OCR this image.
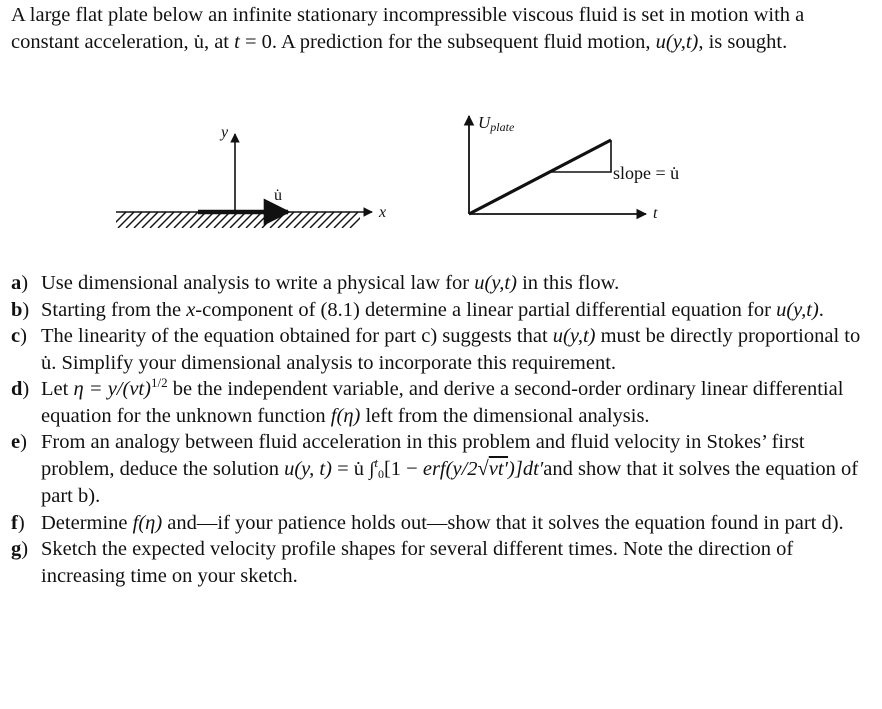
A large flat plate below an infinite stationary incompressible viscous fluid is set in motion with a constant acceleration, u̇, at t = 0. A prediction for the subsequent fluid motion, u(y,t), is sought.

y

u̇

x

Uplate

slope = u̇

t

a) Use dimensional analysis to write a physical law for u(y,t) in this flow.
b) Starting from the x-component of (8.1) determine a linear partial differential equation for u(y,t).
c) The linearity of the equation obtained for part c) suggests that u(y,t) must be directly proportional to u̇. Simplify your dimensional analysis to incorporate this requirement.
d) Let $\eta = y/(\nu t)^{1/2}$ be the independent variable, and derive a second-order ordinary linear differential equation for the unknown function f(η) left from the dimensional analysis.
e) From an analogy between fluid acceleration in this problem and fluid velocity in Stokes’ first problem, deduce the solution u(y, t) = u̇ ∫$^t_0$[1 − erf(y/2√νt′)]dt′and show that it solves the equation of part b).
f) Determine f(η) and—if your patience holds out—show that it solves the equation found in part d).
g) Sketch the expected velocity profile shapes for several different times. Note the direction of increasing time on your sketch.
